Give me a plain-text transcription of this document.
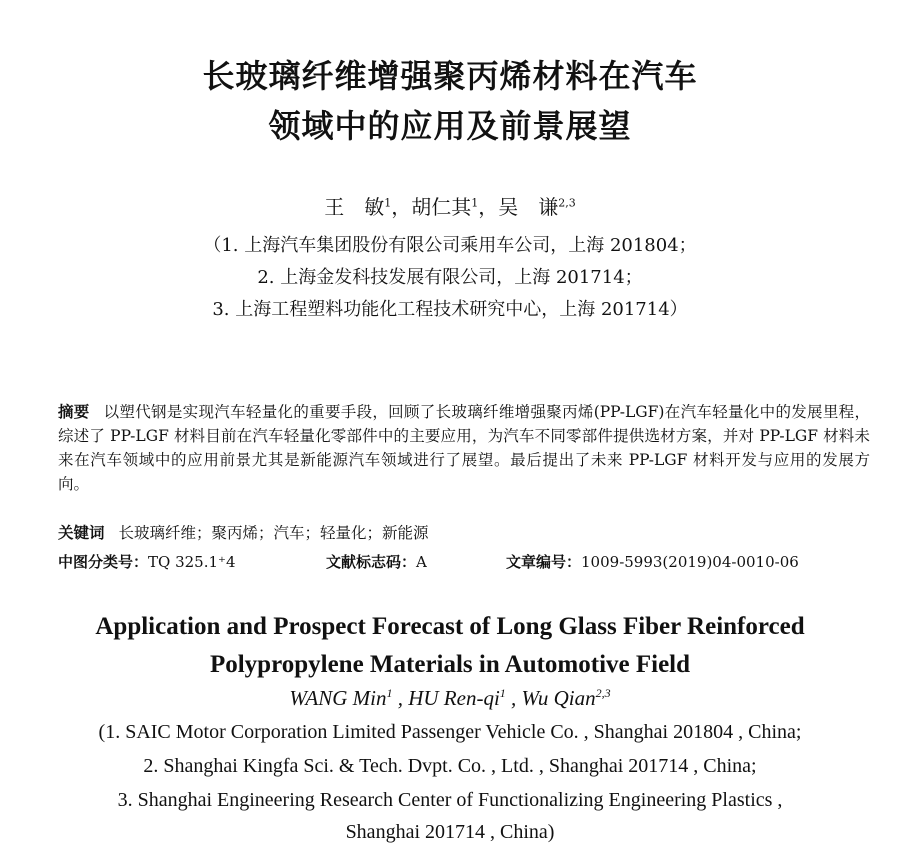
长玻璃纤维增强聚丙烯材料在汽车
领域中的应用及前景展望
王　敏$^1$，胡仁其$^1$，吴　谦$^{2,3}$
（1. 上海汽车集团股份有限公司乘用车公司，上海 201804；
2. 上海金发科技发展有限公司，上海 201714；
3. 上海工程塑料功能化工程技术研究中心，上海 201714）
摘要 以塑代钢是实现汽车轻量化的重要手段，回顾了长玻璃纤维增强聚丙烯(PP-LGF)在汽车轻量化中的发展里程，综述了 PP-LGF 材料目前在汽车轻量化零部件中的主要应用，为汽车不同零部件提供选材方案，并对 PP-LGF 材料未来在汽车领域中的应用前景尤其是新能源汽车领域进行了展望。最后提出了未来 PP-LGF 材料开发与应用的发展方向。
关键词 长玻璃纤维；聚丙烯；汽车；轻量化；新能源
中图分类号：TQ 325.1⁺4	文献标志码：A	文章编号：1009-5993(2019)04-0010-06
Application and Prospect Forecast of Long Glass Fiber Reinforced
Polypropylene Materials in Automotive Field
WANG Min$^1$ , HU Ren-$qi^1$ , Wu Qian$^{2,3}$
(1. SAIC Motor Corporation Limited Passenger Vehicle Co. , Shanghai 201804 , China;
2. Shanghai Kingfa Sci. & Tech. Dvpt. Co. , Ltd. , Shanghai 201714 , China;
3. Shanghai Engineering Research Center of Functionalizing Engineering Plastics ,
Shanghai 201714 , China)
